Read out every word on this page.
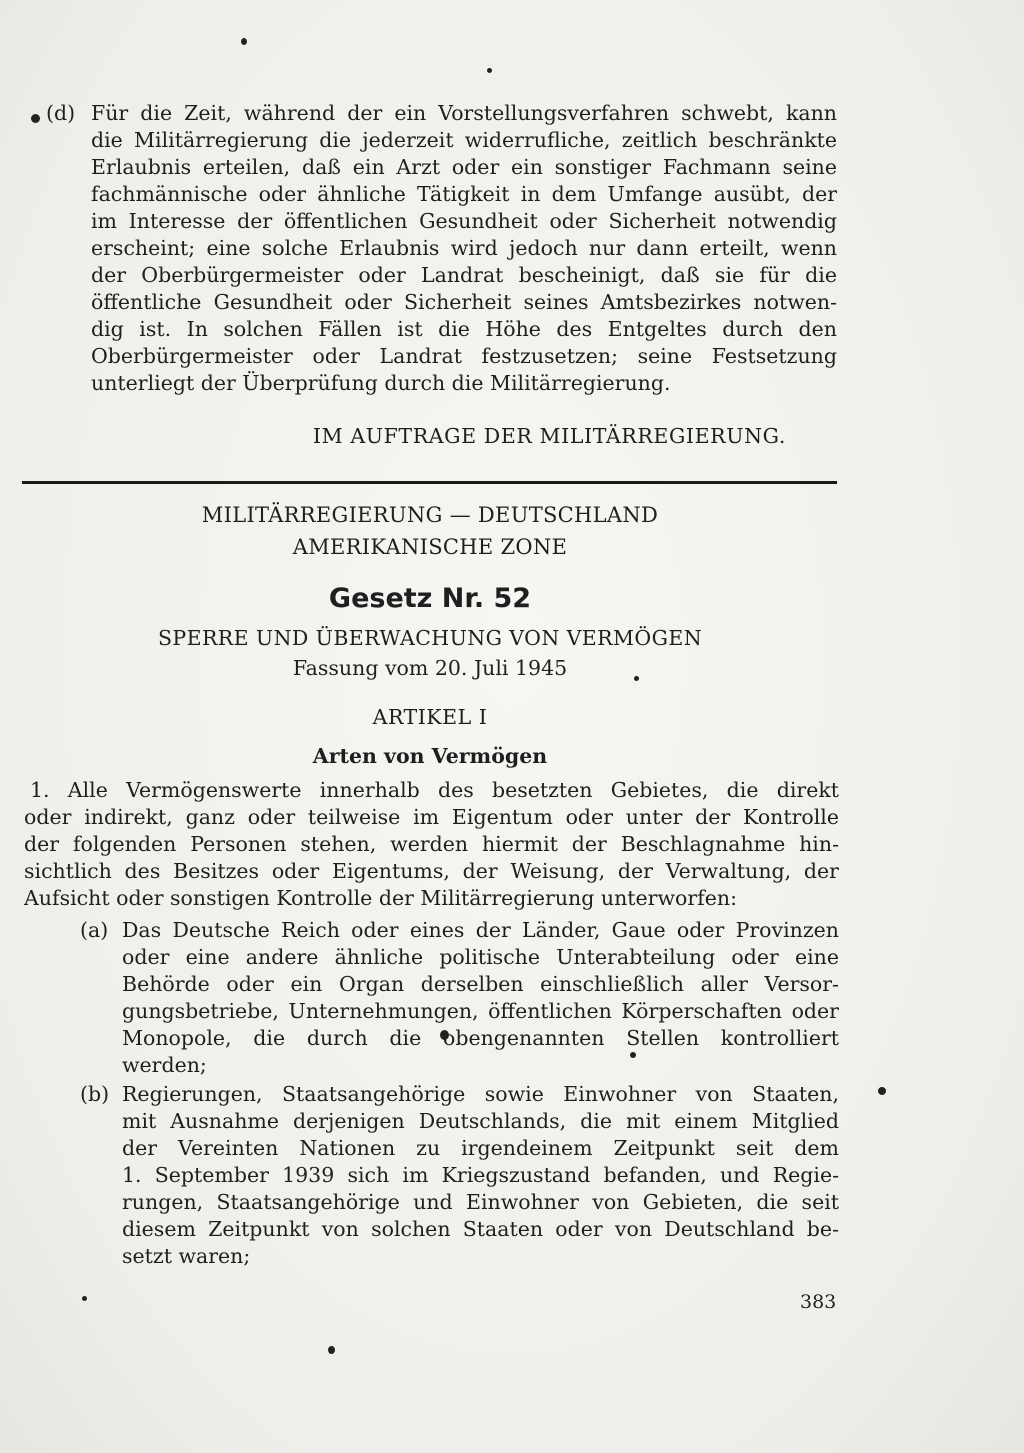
(d) Für die Zeit, während der ein Vorstellungsverfahren schwebt, kann
die Militärregierung die jederzeit widerrufliche, zeitlich beschränkte
Erlaubnis erteilen, daß ein Arzt oder ein sonstiger Fachmann seine
fachmännische oder ähnliche Tätigkeit in dem Umfange ausübt, der
im Interesse der öffentlichen Gesundheit oder Sicherheit notwendig
erscheint; eine solche Erlaubnis wird jedoch nur dann erteilt, wenn
der Oberbürgermeister oder Landrat bescheinigt, daß sie für die
öffentliche Gesundheit oder Sicherheit seines Amtsbezirkes notwen-
dig ist. In solchen Fällen ist die Höhe des Entgeltes durch den
Oberbürgermeister oder Landrat festzusetzen; seine Festsetzung
unterliegt der Überprüfung durch die Militärregierung.
IM AUFTRAGE DER MILITÄRREGIERUNG.
MILITÄRREGIERUNG — DEUTSCHLAND
AMERIKANISCHE ZONE
Gesetz Nr. 52
SPERRE UND ÜBERWACHUNG VON VERMÖGEN
Fassung vom 20. Juli 1945
ARTIKEL I
Arten von Vermögen
1. Alle Vermögenswerte innerhalb des besetzten Gebietes, die direkt
oder indirekt, ganz oder teilweise im Eigentum oder unter der Kontrolle
der folgenden Personen stehen, werden hiermit der Beschlagnahme hin-
sichtlich des Besitzes oder Eigentums, der Weisung, der Verwaltung, der
Aufsicht oder sonstigen Kontrolle der Militärregierung unterworfen:
(a) Das Deutsche Reich oder eines der Länder, Gaue oder Provinzen
oder eine andere ähnliche politische Unterabteilung oder eine
Behörde oder ein Organ derselben einschließlich aller Versor-
gungsbetriebe, Unternehmungen, öffentlichen Körperschaften oder
Monopole, die durch die obengenannten Stellen kontrolliert
werden;
(b) Regierungen, Staatsangehörige sowie Einwohner von Staaten,
mit Ausnahme derjenigen Deutschlands, die mit einem Mitglied
der Vereinten Nationen zu irgendeinem Zeitpunkt seit dem
1. September 1939 sich im Kriegszustand befanden, und Regie-
rungen, Staatsangehörige und Einwohner von Gebieten, die seit
diesem Zeitpunkt von solchen Staaten oder von Deutschland be-
setzt waren;
383
